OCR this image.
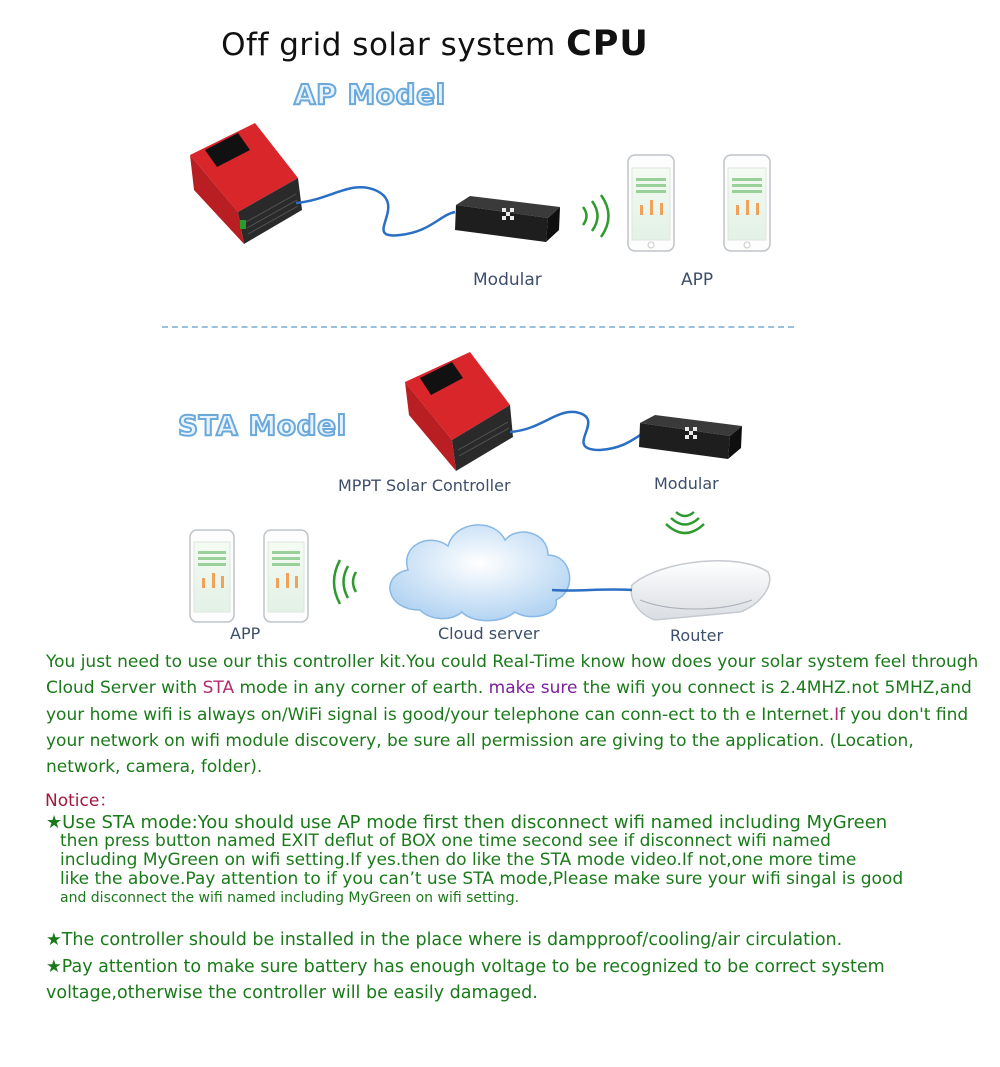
Off grid solar system CPU
AP Model
Modular	APP
STA Model
MPPT Solar Controller	Modular
APP	Cloud server	Router
You just need to use our this controller kit.You could Real-Time know how does your solar system feel through Cloud Server with STA mode in any corner of earth. make sure the wifi you connect is 2.4MHZ.not 5MHZ,and your home wifi is always on/WiFi signal is good/your telephone can conn-ect to th e Internet.If you don't find your network on wifi module discovery, be sure all permission are giving to the application. (Location, network, camera, folder).
Notice：
★Use STA mode:You should use AP mode first then disconnect wifi named including MyGreen
then press button named EXIT deflut of BOX one time second see if disconnect wifi named
including MyGreen on wifi setting.If yes.then do like the STA mode video.If not,one more time
like the above.Pay attention to if you can’t use STA mode,Please make sure your wifi singal is good
and disconnect the wifi named including MyGreen on wifi setting.
★The controller should be installed in the place where is dampproof/cooling/air circulation.
★Pay attention to make sure battery has enough voltage to be recognized to be correct system
voltage,otherwise the controller will be easily damaged.
